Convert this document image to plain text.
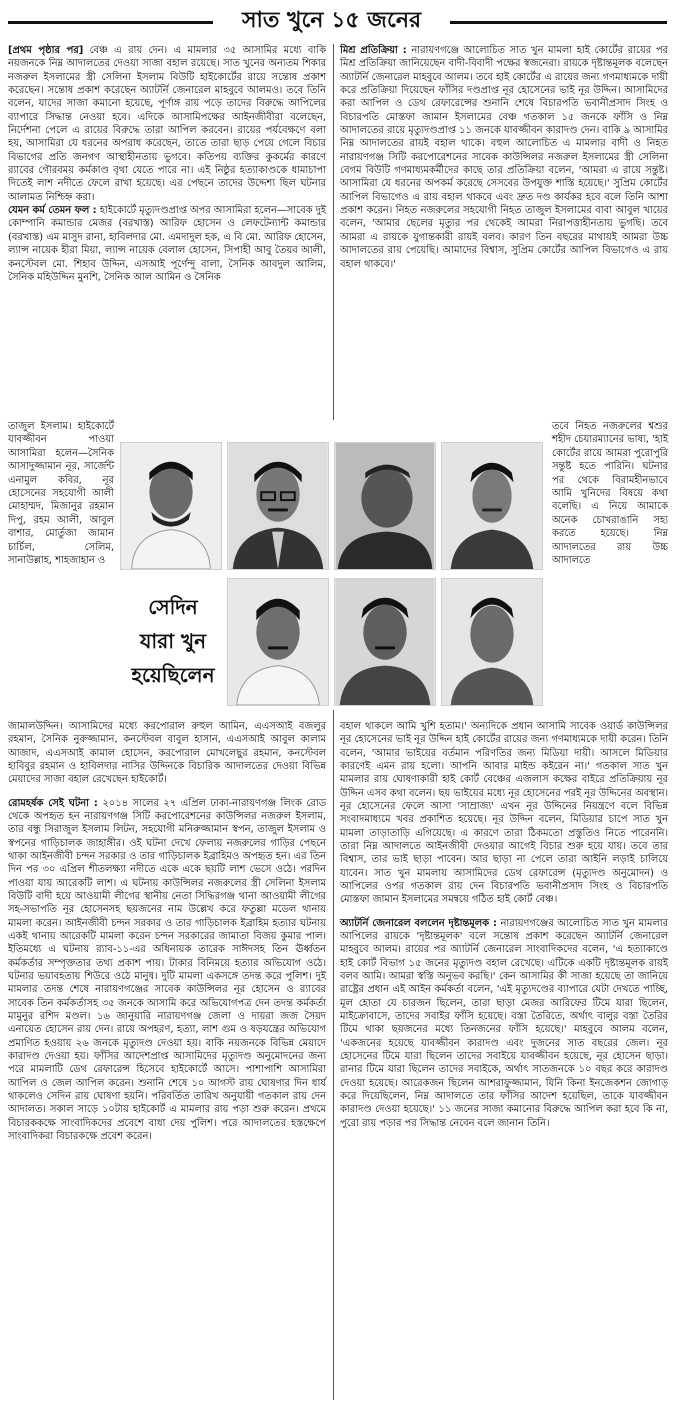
সাত খুনে ১৫ জনের

[প্রথম পৃষ্ঠার পর] বেঞ্চ এ রায় দেন। এ মামলার ৩৫ আসামির মধ্যে বাকি নয়জনকে নিম্ন আদালতের দেওয়া সাজা বহাল রয়েছে। সাত খুনের অন্যতম শিকার নজরুল ইসলামের স্ত্রী সেলিনা ইসলাম বিউটি হাইকোর্টের রায়ে সন্তোষ প্রকাশ করেছেন। সন্তোষ প্রকাশ করেছেন অ্যাটর্নি জেনারেল মাহবুবে আলমও। তবে তিনি বলেন, যাদের সাজা কমানো হয়েছে, পূর্ণাঙ্গ রায় পড়ে তাদের বিরুদ্ধে আপিলের ব্যাপারে সিদ্ধান্ত নেওয়া হবে। এদিকে আসামিপক্ষের আইনজীবীরা বলেছেন, নির্দেশনা পেলে এ রায়ের বিরুদ্ধে তারা আপিল করবেন। রায়ের পর্যবেক্ষণে বলা হয়, আসামিরা যে ধরনের অপরাধ করেছেন, তাতে তারা ছাড় পেয়ে গেলে বিচার বিভাগের প্রতি জনগণ আস্থাহীনতায় ভুগবে। কতিপয় ব্যক্তির কুকর্মের কারণে র‌্যাবের গৌরবময় কর্মকাণ্ড বৃথা যেতে পারে না। এই নিষ্ঠুর হত্যাকাণ্ডকে ধামাচাপা দিতেই লাশ নদীতে ফেলে রাখা হয়েছে। এর পেছনে তাদের উদ্দেশ্য ছিল ঘটনার আলামত নিশ্চিহ্ন করা।

যেমন কর্ম তেমন ফল : হাইকোর্টে মৃত্যুদণ্ডপ্রাপ্ত অপর আসামিরা হলেন—সাবেক দুই কোম্পানি কমান্ডার মেজর (বরখাস্ত) আরিফ হোসেন ও লেফটেন্যান্ট কমান্ডার (বরখাস্ত) এম মাসুদ রানা, হাবিলদার মো. এমদাদুল হক, এ বি মো. আরিফ হোসেন, ল্যান্স নায়েক হীরা মিয়া, ল্যান্স নায়েক বেলাল হোসেন, সিপাহী আবু তৈয়ব আলী, কনস্টেবল মো. শিহাব উদ্দিন, এসআই পূর্ণেন্দু বালা, সৈনিক আবদুল আলিম, সৈনিক মহিউদ্দিন মুনশি, সৈনিক আল আমিন ও সৈনিক

মিশ্র প্রতিক্রিয়া : নারায়ণগঞ্জে আলোচিত সাত খুন মামলা হাই কোর্টের রায়ের পর মিশ্র প্রতিক্রিয়া জানিয়েছেন বাদী-বিবাদী পক্ষের স্বজনেরা। রায়কে দৃষ্টান্তমূলক বলেছেন অ্যাটর্নি জেনারেল মাহবুবে আলম। তবে হাই কোর্টের এ রায়ের জন্য গণমাধ্যমকে দায়ী করে প্রতিক্রিয়া দিয়েছেন ফাঁসির দণ্ডপ্রাপ্ত নূর হোসেনের ভাই নূর উদ্দিন। আসামিদের করা আপিল ও ডেথ রেফারেন্সের শুনানি শেষে বিচারপতি ভবানীপ্রসাদ সিংহ ও বিচারপতি মোস্তফা জামান ইসলামের বেঞ্চ গতকাল ১৫ জনকে ফাঁসি ও নিম্ন আদালতের রায়ে মৃত্যুদণ্ডপ্রাপ্ত ১১ জনকে যাবজ্জীবন কারাদণ্ড দেন। বাকি ৯ আসামির নিম্ন আদালতের রায়ই বহাল থাকে। বহুল আলোচিত এ মামলার বাদী ও নিহত নারায়ণগঞ্জ সিটি করপোরেশনের সাবেক কাউন্সিলর নজরুল ইসলামের স্ত্রী সেলিনা বেগম বিউটি গণমাধ্যমকর্মীদের কাছে তার প্রতিক্রিয়া বলেন, 'আমরা এ রায়ে সন্তুষ্ট। আসামিরা যে ধরনের অপকর্ম করেছে সেসবের উপযুক্ত শাস্তি হয়েছে।' সুপ্রিম কোর্টের আপিল বিভাগেও এ রায় বহাল থাকবে এবং দ্রুত দণ্ড কার্যকর হবে বলে তিনি আশা প্রকাশ করেন। নিহত নজরুলের সহযোগী নিহত তাজুল ইসলামের বাবা আবুল খায়ের বলেন, 'আমার ছেলের মৃত্যুর পর থেকেই আমরা নিরাপত্তাহীনতায় ভুগছি। তবে আমরা এ রায়কে যুগান্তকারী রায়ই বলব। কারণ তিন বছরের মাথায়ই আমরা উচ্চ আদালতের রায় পেয়েছি। আমাদের বিশ্বাস, সুপ্রিম কোর্টের আপিল বিভাগেও এ রায় বহাল থাকবে।'

তাজুল ইসলাম। হাইকোর্টে যাবজ্জীবন পাওয়া আসামিরা হলেন—সৈনিক আসাদুজ্জামান নূর, সার্জেন্ট এনামুল কবির, নূর হোসেনের সহযোগী আলী মোহাম্মদ, মিজানুর রহমান দিপু, রহম আলী, আবুল বাশার, মোর্তুজা জামান চার্চিল, সেলিম, সানাউল্লাহ, শাহজাহান ও
তবে নিহত নজরুলের শ্বশুর শহীদ চেয়ারম্যানের ভাষ্য, 'হাই কোর্টের রায়ে আমরা পুরোপুরি সন্তুষ্ট হতে পারিনি। ঘটনার পর থেকে বিরামহীনভাবে আমি খুনিদের বিষয়ে কথা বলেছি। এ নিয়ে আমাকে অনেক চোখরাঙানি সহ্য করতে হয়েছে। নিম্ন আদালতের রায় উচ্চ আদালতে
সেদিন
যারা খুন
হয়েছিলেন

জামালউদ্দিন। আসামিদের মধ্যে করপোরাল রুহুল আমিন, এএসআই বজলুর রহমান, সৈনিক নুরুজ্জামান, কনস্টেবল বাবুল হাসান, এএসআই আবুল কালাম আজাদ, এএসআই কামাল হোসেন, করপোরাল মোখলেছুর রহমান, কনস্টেবল হাবিবুর রহমান ও হাবিলদার নাসির উদ্দিনকে বিচারিক আদালতের দেওয়া বিভিন্ন মেয়াদের সাজা বহাল রেখেছেন হাইকোর্ট।

রোমহর্ষক সেই ঘটনা : ২০১৪ সালের ২৭ এপ্রিল ঢাকা-নারায়ণগঞ্জ লিংক রোড থেকে অপহৃত হন নারায়ণগঞ্জ সিটি করপোরেশনের কাউন্সিলর নজরুল ইসলাম, তার বন্ধু সিরাজুল ইসলাম লিটন, সহযোগী মনিরুজ্জামান স্বপন, তাজুল ইসলাম ও স্বপনের গাড়িচালক জাহাঙ্গীর। ওই ঘটনা দেখে ফেলায় নজরুলের গাড়ির পেছনে থাকা আইনজীবী চন্দন সরকার ও তার গাড়িচালক ইব্রাহিমও অপহৃত হন। এর তিন দিন পর ৩০ এপ্রিল শীতলক্ষ্যা নদীতে একে একে ছয়টি লাশ ভেসে ওঠে। পরদিন পাওয়া যায় আরেকটি লাশ। এ ঘটনায় কাউন্সিলর নজরুলের স্ত্রী সেলিনা ইসলাম বিউটি বাদী হয়ে আওয়ামী লীগের স্থানীয় নেতা সিদ্ধিরগঞ্জ থানা আওয়ামী লীগের সহ-সভাপতি নূর হোসেনসহ ছয়জনের নাম উল্লেখ করে ফতুল্লা মডেল থানায় মামলা করেন। আইনজীবী চন্দন সরকার ও তার গাড়িচালক ইব্রাহিম হত্যার ঘটনায় একই থানায় আরেকটি মামলা করেন চন্দন সরকারের জামাতা বিজয় কুমার পাল। ইতিমধ্যে এ ঘটনায় র‌্যাব-১১-এর অধিনায়ক তারেক সাঈদসহ তিন ঊর্ধ্বতন কর্মকর্তার সম্পৃক্ততার তথ্য প্রকাশ পায়। টাকার বিনিময়ে হত্যার অভিযোগ ওঠে। ঘটনার ভয়াবহতায় শিউরে ওঠে মানুষ। দুটি মামলা একসঙ্গে তদন্ত করে পুলিশ। দুই মামলার তদন্ত শেষে নারায়ণগঞ্জের সাবেক কাউন্সিলর নূর হোসেন ও র‌্যাবের সাবেক তিন কর্মকর্তাসহ ৩৫ জনকে আসামি করে অভিযোগপত্র দেন তদন্ত কর্মকর্তা মামুনুর রশিদ মণ্ডল। ১৬ জানুয়ারি নারায়ণগঞ্জ জেলা ও দায়রা জজ সৈয়দ এনায়েত হোসেন রায় দেন। রায়ে অপহরণ, হত্যা, লাশ গুম ও ষড়যন্ত্রের অভিযোগ প্রমাণিত হওয়ায় ২৬ জনকে মৃত্যুদণ্ড দেওয়া হয়। বাকি নয়জনকে বিভিন্ন মেয়াদে কারাদণ্ড দেওয়া হয়। ফাঁসির আদেশপ্রাপ্ত আসামিদের মৃত্যুদণ্ড অনুমোদনের জন্য পরে মামলাটি ডেথ রেফারেন্স হিসেবে হাইকোর্টে আসে। পাশাপাশি আসামিরা আপিল ও জেল আপিল করেন। শুনানি শেষে ১০ আগস্ট রায় ঘোষণার দিন ধার্য থাকলেও সেদিন রায় ঘোষণা হয়নি। পরিবর্তিত তারিখ অনুযায়ী গতকাল রায় দেন আদালত। সকাল সাড়ে ১০টায় হাইকোর্ট এ মামলার রায় পড়া শুরু করেন। প্রথমে বিচারককক্ষে সাংবাদিকদের প্রবেশে বাধা দেয় পুলিশ। পরে আদালতের হস্তক্ষেপে সাংবাদিকরা বিচারকক্ষে প্রবেশ করেন।

বহাল থাকলে আমি খুশি হতাম।' অন্যদিকে প্রধান আসামি সাবেক ওয়ার্ড কাউন্সিলর নূর হোসেনের ভাই নূর উদ্দিন হাই কোর্টের রায়ের জন্য গণমাধ্যমকে দায়ী করেন। তিনি বলেন, 'আমার ভাইয়ের বর্তমান পরিণতির জন্য মিডিয়া দায়ী। আসলে মিডিয়ার কারণেই এমন রায় হলো। আপনি আবার মাইন্ড কইরেন না।' গতকাল সাত খুন মামলার রায় ঘোষণাকারী হাই কোর্ট বেঞ্চের এজলাস কক্ষের বাইরে প্রতিক্রিয়ায় নূর উদ্দিন এসব কথা বলেন। ছয় ভাইয়ের মধ্যে নূর হোসেনের পরই নূর উদ্দিনের অবস্থান। নূর হোসেনের ফেলে আসা 'সাম্রাজ্য' এখন নূর উদ্দিনের নিয়ন্ত্রণে বলে বিভিন্ন সংবাদমাধ্যমে খবর প্রকাশিত হয়েছে। নূর উদ্দিন বলেন, মিডিয়ার চাপে সাত খুন মামলা তাড়াতাড়ি এগিয়েছে। এ কারণে তারা ঠিকমতো প্রস্তুতিও নিতে পারেননি। তারা নিম্ন আদালতে আইনজীবী দেওয়ার আগেই বিচার শুরু হয়ে যায়। তবে তার বিশ্বাস, তার ভাই ছাড়া পাবেন। আর ছাড়া না পেলে তারা আইনি লড়াই চালিয়ে যাবেন। সাত খুন মামলায় আসামিদের ডেথ রেফারেন্স (মৃত্যুদণ্ড অনুমোদন) ও আপিলের ওপর গতকাল রায় দেন বিচারপতি ভবানীপ্রসাদ সিংহ ও বিচারপতি মোস্তফা জামান ইসলামের সমন্বয়ে গঠিত হাই কোর্ট বেঞ্চ।

অ্যাটর্নি জেনারেল বললেন দৃষ্টান্তমূলক : নারায়ণগঞ্জের আলোচিত সাত খুন মামলার আপিলের রায়কে 'দৃষ্টান্তমূলক' বলে সন্তোষ প্রকাশ করেছেন অ্যাটর্নি জেনারেল মাহবুবে আলম। রায়ের পর অ্যাটর্নি জেনারেল সাংবাদিকদের বলেন, 'এ হত্যাকাণ্ডে হাই কোর্ট বিভাগ ১৫ জনের মৃত্যুদণ্ড বহাল রেখেছে। এটিকে একটি দৃষ্টান্তমূলক রায়ই বলব আমি। আমরা স্বস্তি অনুভব করছি।' কেন আসামির কী সাজা হয়েছে তা জানিয়ে রাষ্ট্রের প্রধান এই আইন কর্মকর্তা বলেন, 'এই মৃত্যুদণ্ডের ব্যাপারে যেটা দেখতে পাচ্ছি, মূল হোতা যে চারজন ছিলেন, তারা ছাড়া মেজর আরিফের টিমে যারা ছিলেন, মাইক্রোবাসে, তাদের সবাইর ফাঁসি হয়েছে। বস্তা তৈরিতে, অর্থাৎ বালুর বস্তা তৈরির টিমে থাকা ছয়জনের মধ্যে তিনজনের ফাঁসি হয়েছে।' মাহবুবে আলম বলেন, 'একজনের হয়েছে যাবজ্জীবন কারাদণ্ড এবং দুজনের সাত বছরের জেল। নূর হোসেনের টিমে যারা ছিলেন তাদের সবাইয়ে যাবজ্জীবন হয়েছে, নূর হোসেন ছাড়া। রানার টিমে যারা ছিলেন তাদের সবাইকে, অর্থাৎ সাতজনকে ১০ বছর করে কারাদণ্ড দেওয়া হয়েছে। আরেকজন ছিলেন আশরাফুজ্জামান, যিনি কিনা ইনজেকশন জোগাড় করে দিয়েছিলেন, নিম্ন আদালতে তার ফাঁসির আদেশ হয়েছিল, তাকে যাবজ্জীবন কারাদণ্ড দেওয়া হয়েছে।' ১১ জনের সাজা কমানোর বিরুদ্ধে আপিল করা হবে কি না, পুরো রায় পড়ার পর সিদ্ধান্ত নেবেন বলে জানান তিনি।
